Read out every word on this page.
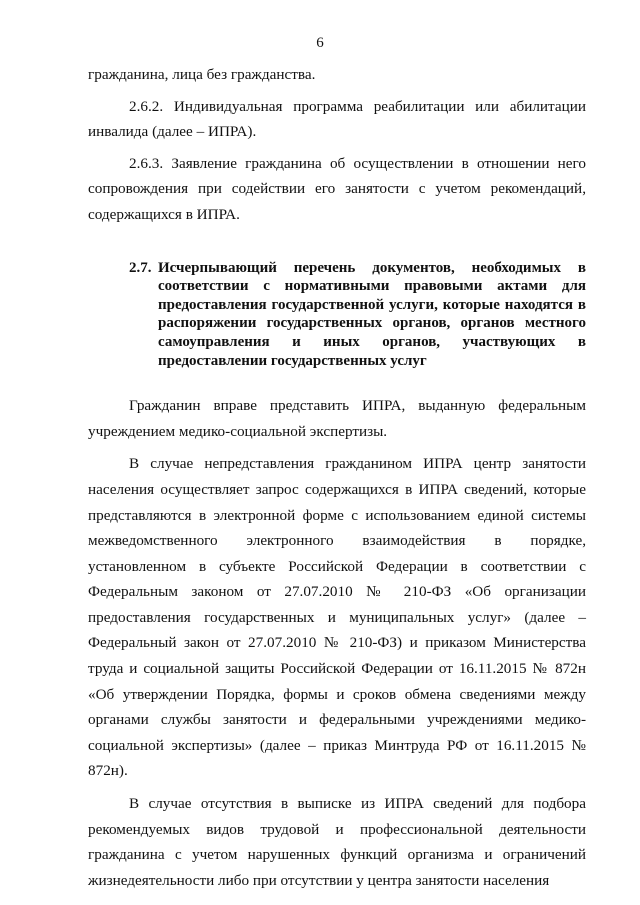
6

гражданина, лица без гражданства.

2.6.2. Индивидуальная программа реабилитации или абилитации инвалида (далее – ИПРА).

2.6.3. Заявление гражданина об осуществлении в отношении него сопровождения при содействии его занятости с учетом рекомендаций, содержащихся в ИПРА.

2.7. Исчерпывающий перечень документов, необходимых в
соответствии с нормативными правовыми актами для
предоставления государственной услуги, которые находятся в
распоряжении государственных органов, органов местного
самоуправления и иных органов, участвующих в
предоставлении государственных услуг

Гражданин вправе представить ИПРА, выданную федеральным учреждением медико-социальной экспертизы.

В случае непредставления гражданином ИПРА центр занятости населения осуществляет запрос содержащихся в ИПРА сведений, которые представляются в электронной форме с использованием единой системы межведомственного электронного взаимодействия в порядке, установленном в субъекте Российской Федерации в соответствии с Федеральным законом от 27.07.2010 № 210-ФЗ «Об организации предоставления государственных и муниципальных услуг» (далее – Федеральный закон от 27.07.2010 № 210-ФЗ) и приказом Министерства труда и социальной защиты Российской Федерации от 16.11.2015 № 872н «Об утверждении Порядка, формы и сроков обмена сведениями между органами службы занятости и федеральными учреждениями медико-социальной экспертизы» (далее – приказ Минтруда РФ от 16.11.2015 № 872н).

В случае отсутствия в выписке из ИПРА сведений для подбора рекомендуемых видов трудовой и профессиональной деятельности гражданина с учетом нарушенных функций организма и ограничений жизнедеятельности либо при отсутствии у центра занятости населения
